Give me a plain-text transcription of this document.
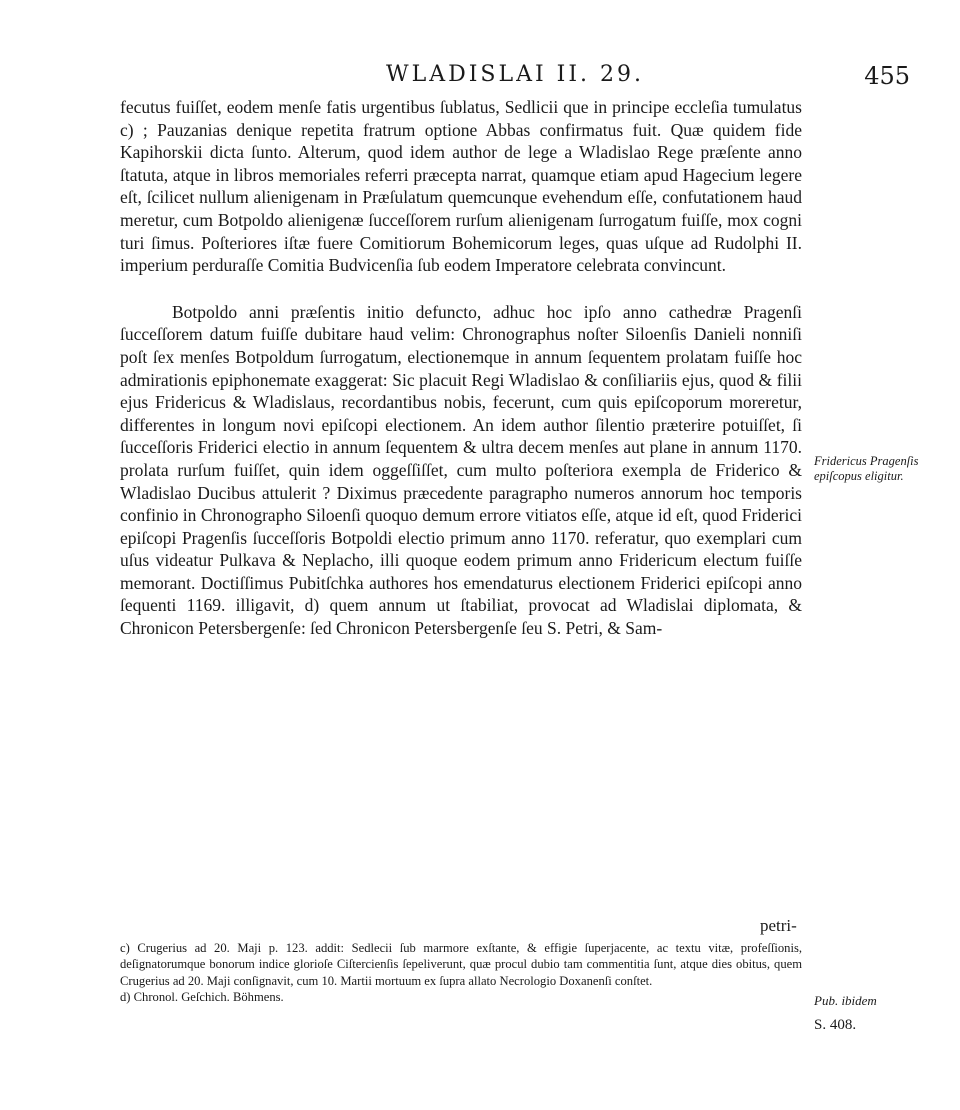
WLADISLAI II. 29.	455

fecutus fuiſſet, eodem menſe fatis urgentibus ſublatus, Sedlicii que in principe eccleſia tumulatus c) ; Pauzanias denique repetita fratrum optione Abbas confirmatus fuit. Quæ quidem fide Kapihorskii dicta ſunto. Alterum, quod idem author de lege a Wladislao Rege præſente anno ſtatuta, atque in libros memoriales referri præcepta narrat, quamque etiam apud Hagecium legere eſt, ſcilicet nullum alienigenam in Præſulatum quemcunque evehendum eſſe, confutationem haud meretur, cum Botpoldo alienigenæ ſucceſſorem rurſum alienigenam ſurrogatum fuiſſe, mox cogni turi ſimus. Poſteriores iſtæ fuere Comitiorum Bohemicorum leges, quas uſque ad Rudolphi II. imperium perduraſſe Comitia Budvicenſia ſub eodem Imperatore celebrata convincunt.

Botpoldo anni præſentis initio defuncto, adhuc hoc ipſo anno cathedræ Pragenſi ſucceſſorem datum fuiſſe dubitare haud velim: Chronographus noſter Siloenſis Danieli nonniſi poſt ſex menſes Botpoldum ſurrogatum, electionemque in annum ſequentem prolatam fuiſſe hoc admirationis epiphonemate exaggerat: Sic placuit Regi Wladislao & conſiliariis ejus, quod & filii ejus Fridericus & Wladislaus, recordantibus nobis, fecerunt, cum quis epiſcoporum moreretur, differentes in longum novi epiſcopi electionem. An idem author ſilentio præterire potuiſſet, ſi ſucceſſoris Friderici electio in annum ſequentem & ultra decem menſes aut plane in annum 1170. prolata rurſum fuiſſet, quin idem oggeſſiſſet, cum multo poſteriora exempla de Friderico & Wladislao Ducibus attulerit ? Diximus præcedente paragrapho numeros annorum hoc temporis confinio in Chronographo Siloenſi quoquo demum errore vitiatos eſſe, atque id eſt, quod Friderici epiſcopi Pragenſis ſucceſſoris Botpoldi electio primum anno 1170. referatur, quo exemplari cum uſus videatur Pulkava & Neplacho, illi quoque eodem primum anno Fridericum electum fuiſſe memorant. Doctiſſimus Pubitſchka authores hos emendaturus electionem Friderici epiſcopi anno ſequenti 1169. illigavit, d) quem annum ut ſtabiliat, provocat ad Wladislai diplomata, & Chronicon Petersbergenſe: ſed Chronicon Petersbergenſe ſeu S. Petri, & Sam-

petri-
Fridericus Pragenſis epiſcopus eligitur.

c) Crugerius ad 20. Maji p. 123. addit: Sedlecii ſub marmore exſtante, & effigie ſuperjacente, ac textu vitæ, profeſſionis, deſignatorumque bonorum indice glorioſe Ciſtercienſis ſepeliverunt, quæ procul dubio tam commentitia ſunt, atque dies obitus, quem Crugerius ad 20. Maji conſignavit, cum 10. Martii mortuum ex ſupra allato Necrologio Doxanenſi conſtet.

d) Chronol. Geſchich. Böhmens.	Pub. ibidem
S. 408.
